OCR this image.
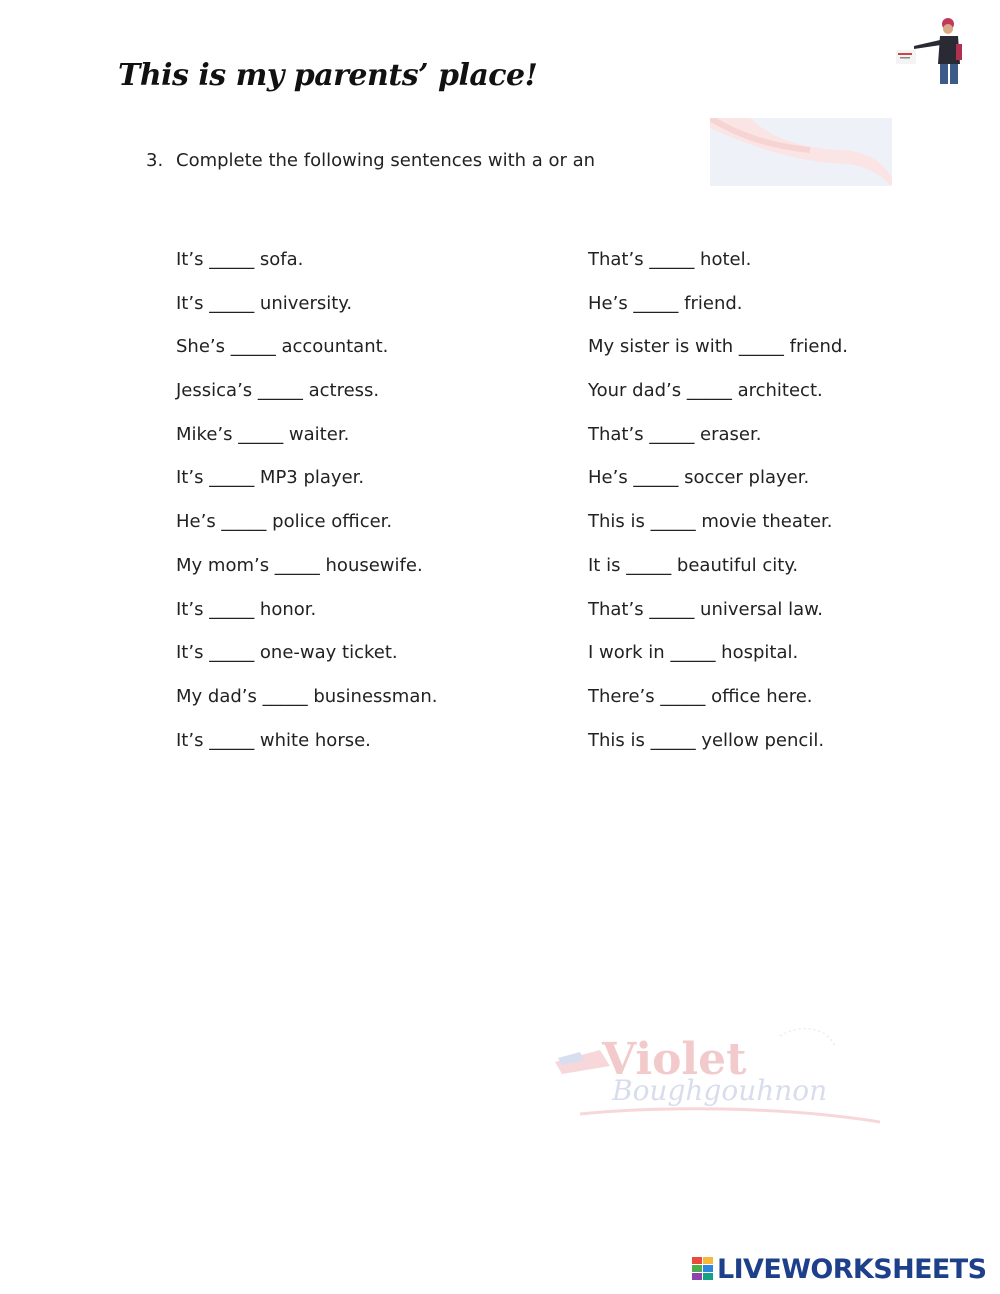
This is my parents’ place!
3. Complete the following sentences with a or an
It’s _____ sofa.
It’s _____ university.
She’s _____ accountant.
Jessica’s _____ actress.
Mike’s _____ waiter.
It’s _____ MP3 player.
He’s _____ police officer.
My mom’s _____ housewife.
It’s _____ honor.
It’s _____ one-way ticket.
My dad’s _____ businessman.
It’s _____ white horse.
That’s _____ hotel.
He’s _____ friend.
My sister is with _____ friend.
Your dad’s _____ architect.
That’s _____ eraser.
He’s _____ soccer player.
This is _____ movie theater.
It is _____ beautiful city.
That’s _____ universal law.
I work in _____ hospital.
There’s _____ office here.
This is _____ yellow pencil.
Violet
Boughgouhnon
LIVEWORKSHEETS
